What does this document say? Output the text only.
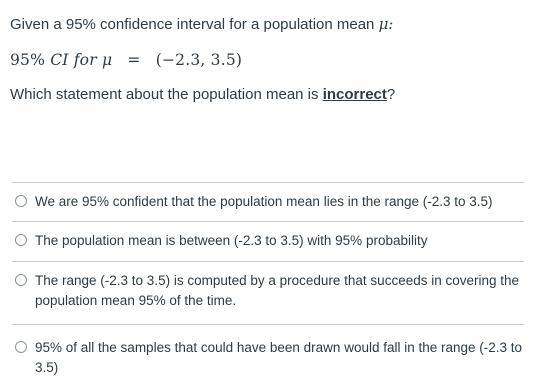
Given a 95% confidence interval for a population mean μ:

95% CI for μ = (−2.3, 3.5)

Which statement about the population mean is incorrect?

We are 95% confident that the population mean lies in the range (-2.3 to 3.5)
The population mean is between (-2.3 to 3.5) with 95% probability
The range (-2.3 to 3.5) is computed by a procedure that succeeds in covering the population mean 95% of the time.
95% of all the samples that could have been drawn would fall in the range (-2.3 to 3.5)
